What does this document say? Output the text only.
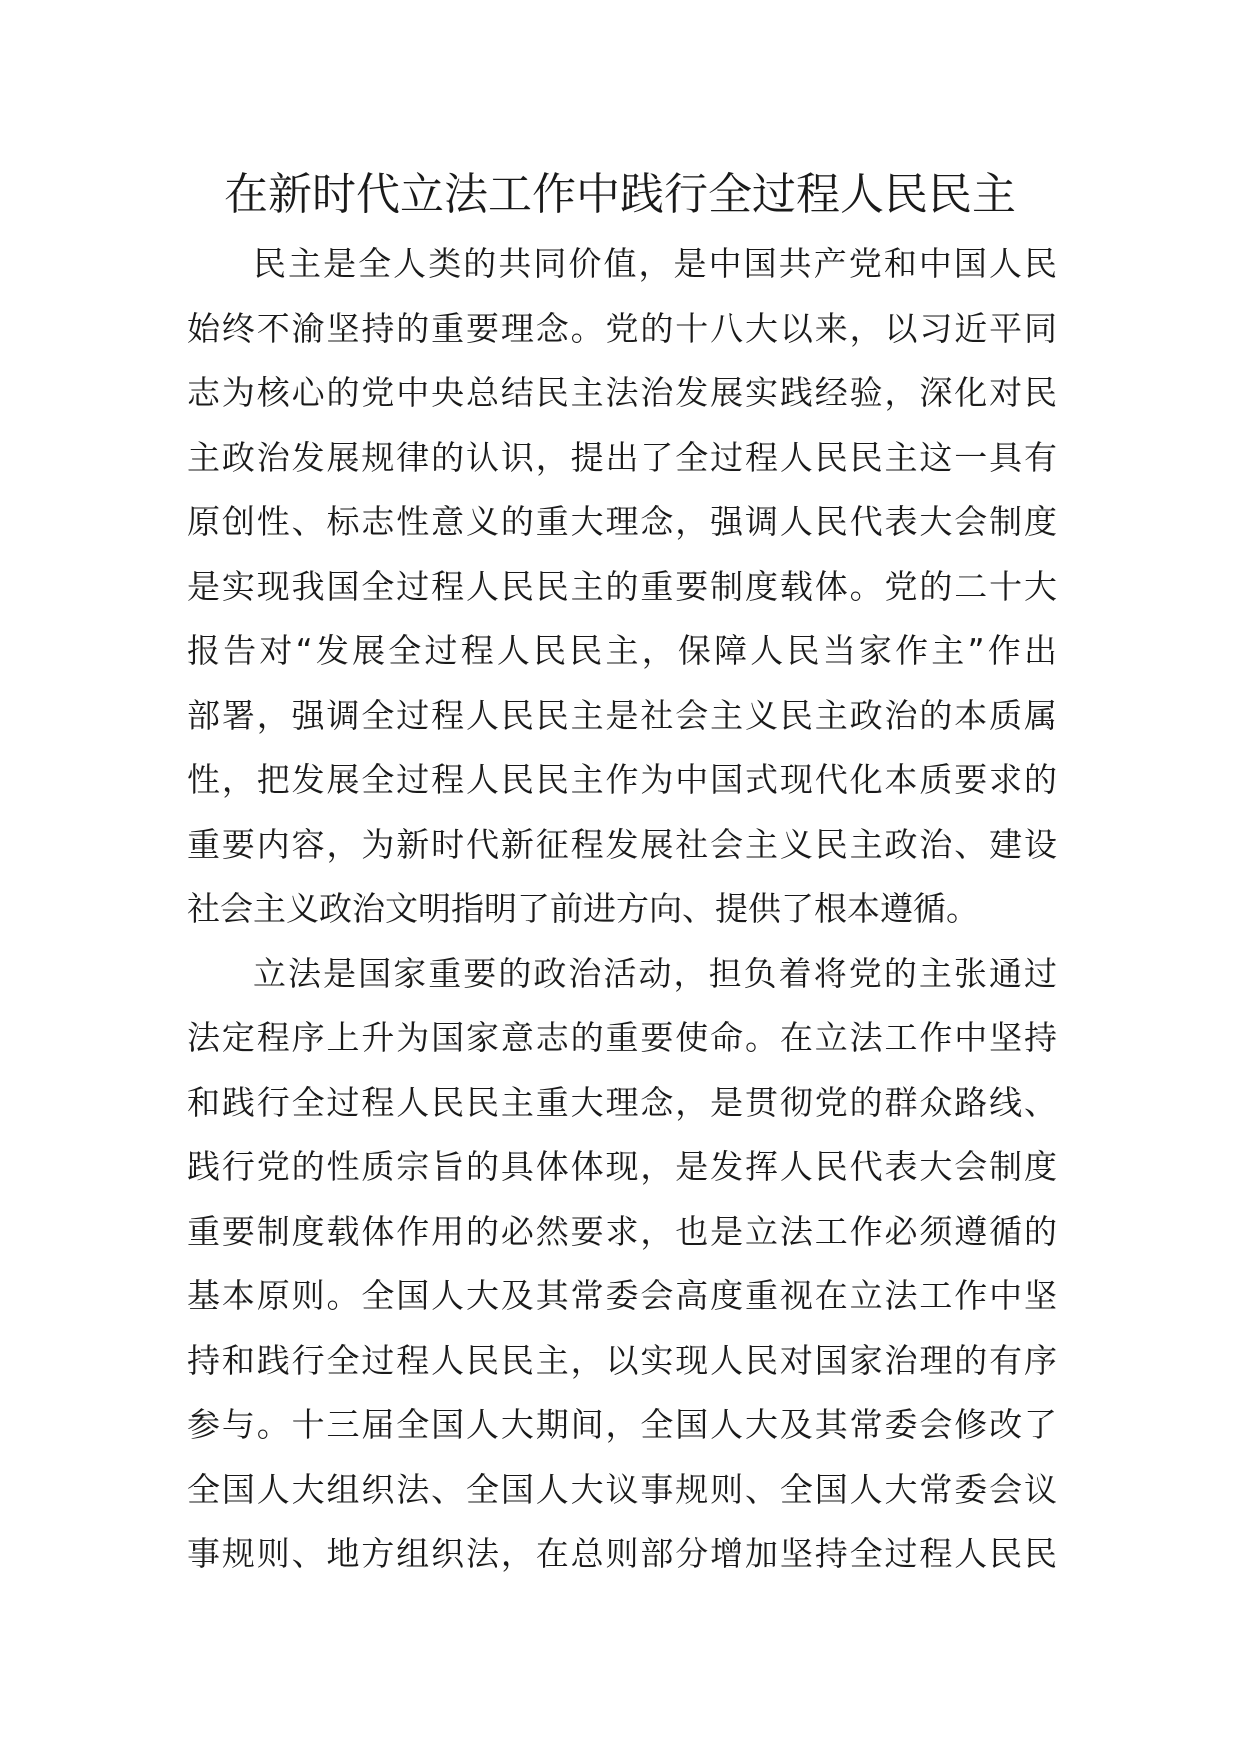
在新时代立法工作中践行全过程人民民主
民主是全人类的共同价值，是中国共产党和中国人民
始终不渝坚持的重要理念。党的十八大以来，以习近平同
志为核心的党中央总结民主法治发展实践经验，深化对民
主政治发展规律的认识，提出了全过程人民民主这一具有
原创性、标志性意义的重大理念，强调人民代表大会制度
是实现我国全过程人民民主的重要制度载体。党的二十大
报告对“发展全过程人民民主，保障人民当家作主”作出
部署，强调全过程人民民主是社会主义民主政治的本质属
性，把发展全过程人民民主作为中国式现代化本质要求的
重要内容，为新时代新征程发展社会主义民主政治、建设
社会主义政治文明指明了前进方向、提供了根本遵循。
立法是国家重要的政治活动，担负着将党的主张通过
法定程序上升为国家意志的重要使命。在立法工作中坚持
和践行全过程人民民主重大理念，是贯彻党的群众路线、
践行党的性质宗旨的具体体现，是发挥人民代表大会制度
重要制度载体作用的必然要求，也是立法工作必须遵循的
基本原则。全国人大及其常委会高度重视在立法工作中坚
持和践行全过程人民民主，以实现人民对国家治理的有序
参与。十三届全国人大期间，全国人大及其常委会修改了
全国人大组织法、全国人大议事规则、全国人大常委会议
事规则、地方组织法，在总则部分增加坚持全过程人民民
